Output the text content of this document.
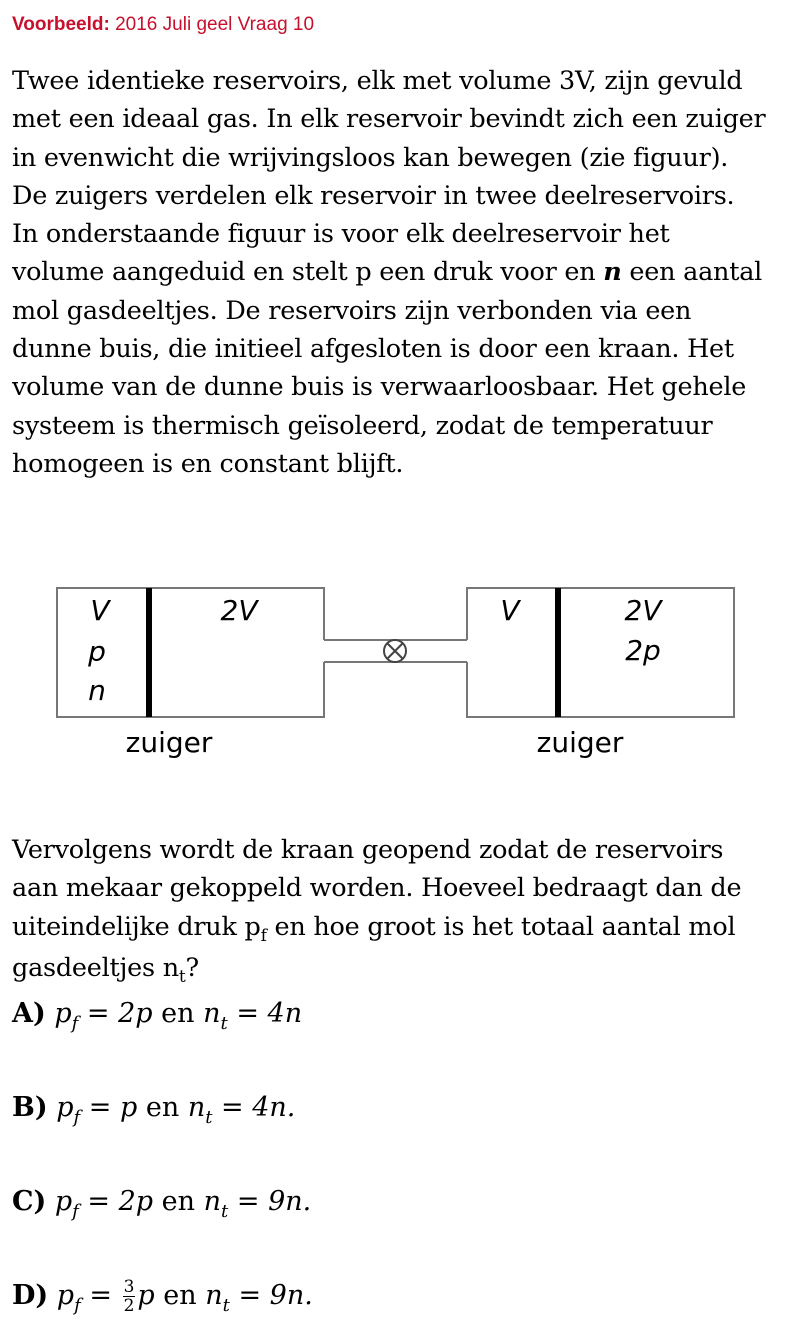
Voorbeeld: 2016 Juli geel Vraag 10
Twee identieke reservoirs, elk met volume 3V, zijn gevuld
met een ideaal gas. In elk reservoir bevindt zich een zuiger
in evenwicht die wrijvingsloos kan bewegen (zie figuur).
De zuigers verdelen elk reservoir in twee deelreservoirs.
In onderstaande figuur is voor elk deelreservoir het
volume aangeduid en stelt p een druk voor en n een aantal
mol gasdeeltjes. De reservoirs zijn verbonden via een
dunne buis, die initieel afgesloten is door een kraan. Het
volume van de dunne buis is verwaarloosbaar. Het gehele
systeem is thermisch geïsoleerd, zodat de temperatuur
homogeen is en constant blijft.
V
p
n
2V	V	2V
2p
zuiger	zuiger
Vervolgens wordt de kraan geopend zodat de reservoirs
aan mekaar gekoppeld worden. Hoeveel bedraagt dan de
uiteindelijke druk $p_f$ en hoe groot is het totaal aantal mol
gasdeeltjes $n_t$?
A) $p_f = 2p$ en $n_t = 4n$
B) $p_f = p$ en $n_t = 4n$.
C) $p_f = 2p$ en $n_t = 9n$.
D) $p_f = \frac{3}{2}$ p en $n_t = 9n$.
